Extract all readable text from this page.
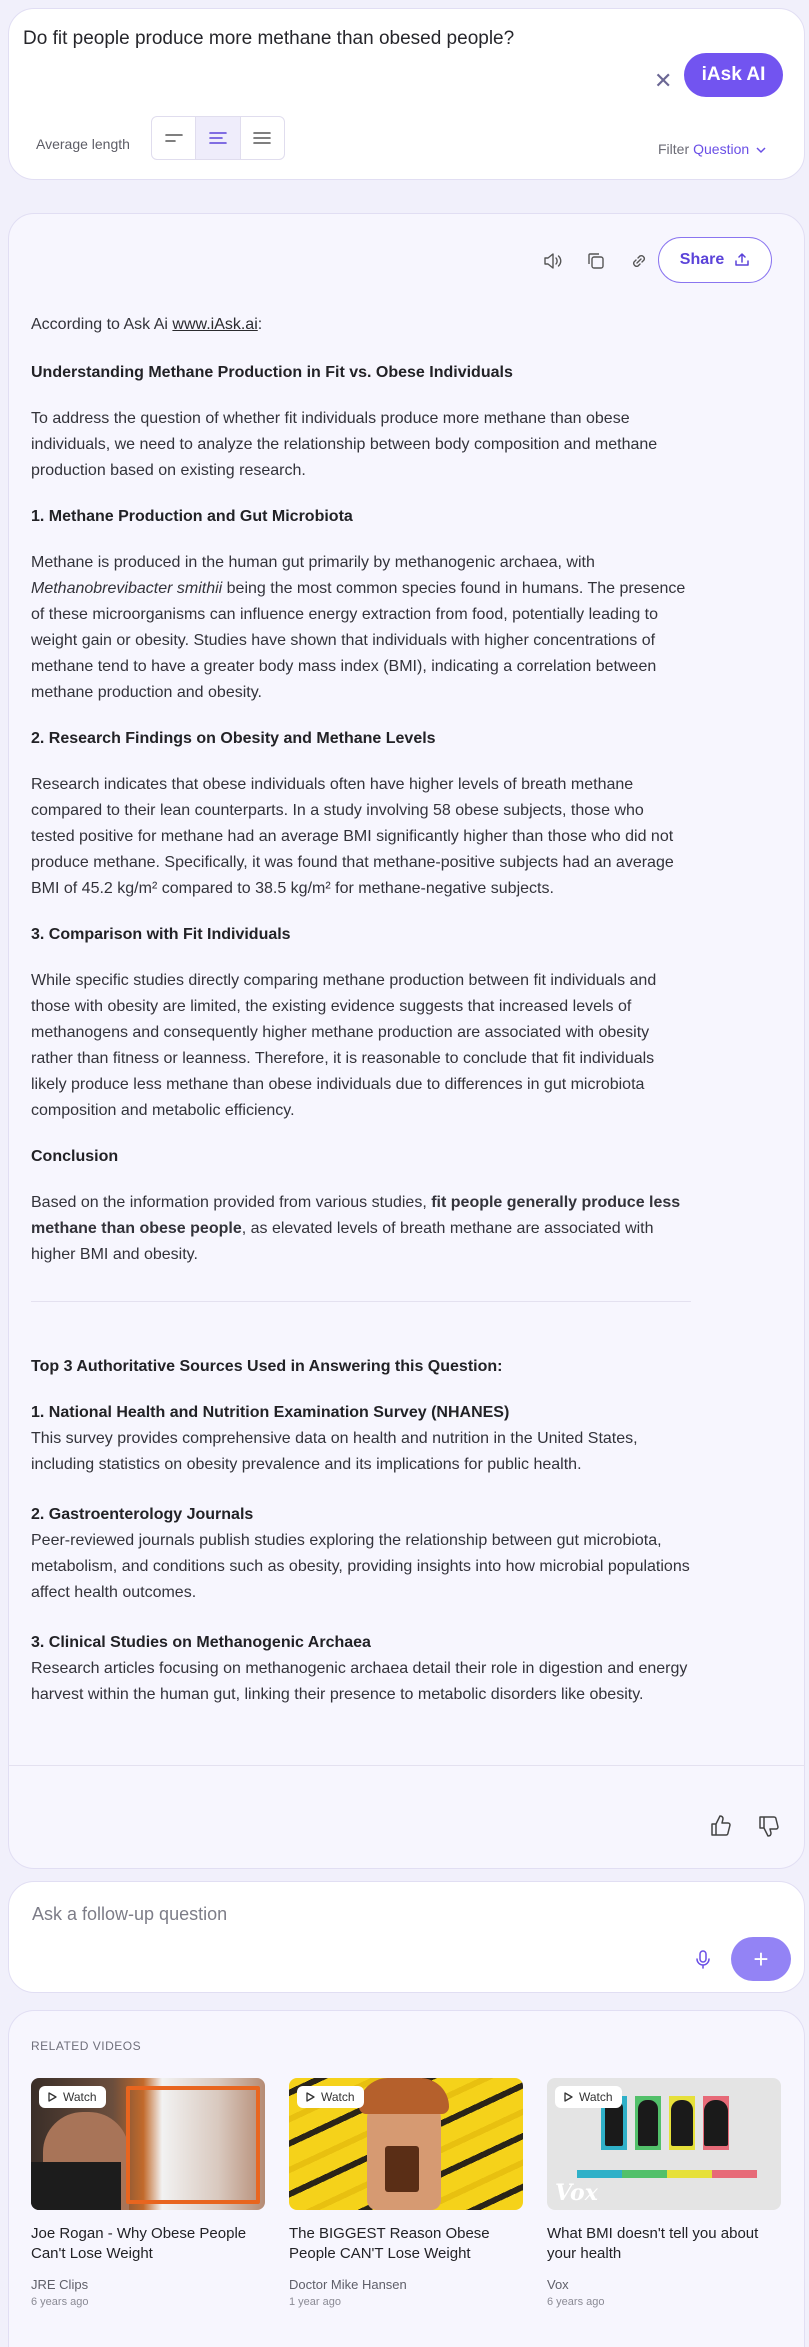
Do fit people produce more methane than obesed people?
✕	iAsk AI
Average length	Filter Question
Share

According to Ask Ai www.iAsk.ai:

Understanding Methane Production in Fit vs. Obese Individuals

To address the question of whether fit individuals produce more methane than obese individuals, we need to analyze the relationship between body composition and methane production based on existing research.

1. Methane Production and Gut Microbiota

Methane is produced in the human gut primarily by methanogenic archaea, with Methanobrevibacter smithii being the most common species found in humans. The presence of these microorganisms can influence energy extraction from food, potentially leading to weight gain or obesity. Studies have shown that individuals with higher concentrations of methane tend to have a greater body mass index (BMI), indicating a correlation between methane production and obesity.

2. Research Findings on Obesity and Methane Levels

Research indicates that obese individuals often have higher levels of breath methane compared to their lean counterparts. In a study involving 58 obese subjects, those who tested positive for methane had an average BMI significantly higher than those who did not produce methane. Specifically, it was found that methane-positive subjects had an average BMI of 45.2 kg/m² compared to 38.5 kg/m² for methane-negative subjects.

3. Comparison with Fit Individuals

While specific studies directly comparing methane production between fit individuals and those with obesity are limited, the existing evidence suggests that increased levels of methanogens and consequently higher methane production are associated with obesity rather than fitness or leanness. Therefore, it is reasonable to conclude that fit individuals likely produce less methane than obese individuals due to differences in gut microbiota composition and metabolic efficiency.

Conclusion

Based on the information provided from various studies, fit people generally produce less methane than obese people, as elevated levels of breath methane are associated with higher BMI and obesity.

Top 3 Authoritative Sources Used in Answering this Question:

1. National Health and Nutrition Examination Survey (NHANES)

This survey provides comprehensive data on health and nutrition in the United States, including statistics on obesity prevalence and its implications for public health.

2. Gastroenterology Journals

Peer-reviewed journals publish studies exploring the relationship between gut microbiota, metabolism, and conditions such as obesity, providing insights into how microbial populations affect health outcomes.

3. Clinical Studies on Methanogenic Archaea

Research articles focusing on methanogenic archaea detail their role in digestion and energy harvest within the human gut, linking their presence to metabolic disorders like obesity.

Ask a follow-up question
+
RELATED VIDEOS
Watch
Joe Rogan - Why Obese People Can't Lose Weight
JRE Clips
6 years ago
Watch
The BIGGEST Reason Obese People CAN'T Lose Weight
Doctor Mike Hansen
1 year ago
Vox
Watch
What BMI doesn't tell you about your health
Vox
6 years ago
